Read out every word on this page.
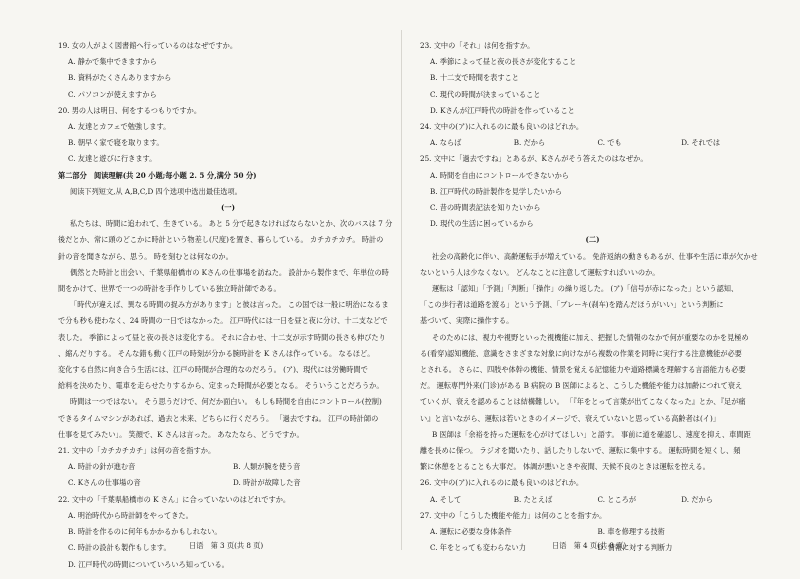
19. 女の人がよく図書館へ行っているのはなぜですか。
A. 静かで集中できますから
B. 資料がたくさんありますから
C. パソコンが使えますから
20. 男の人は明日、何をするつもりですか。
A. 友達とカフェで勉強します。
B. 朝早く家で寝を取ります。
C. 友達と遊びに行きます。
第二部分　阅读理解(共 20 小题;每小题 2. 5 分,满分 50 分)
阅读下列短文,从 A,B,C,D 四个选项中选出最佳选项。
(一)
私たちは、時間に追われて、生きている。 あと 5 分で起きなければならないとか、次のバスは 7 分
後だとか、常に頭のどこかに時計という物差し(尺度)を置き、暮らしている。 カチカチカチ。 時計の
針の音を聞きながら、思う。 時を刻むとは何なのか。
偶然とた時計と出会い、千葉県船橋市の Kさんの仕事場を訪ねた。 設計から製作まで、年単位の時
間をかけて、世界で一つの時計を手作りしている独立時計師である。
「時代が違えば、異なる時間の捉み方があります」と彼は言った。 この国では一般に明治になるま
で分も秒も使わなく、24 時間の一日ではなかった。 江戸時代には一日を昼と夜に分け、十二支などで
表した。 季節によって昼と夜の長さは変化する。 それに合わせ、十二支が示す時間の長さも伸びたり
、縮んだりする。 そんな錯も動く江戸の時刻が分かる腕時計を K さんは作っている。 なるほど。
変化する自然に向き合う生活には、江戸の時間が合理的なのだろう。 (ア)、現代には労働時間で
給料を決めたり、電車を走らせたりするから、定まった時間が必要となる。 そういうことだろうか。
時間は一つではない。 そう思うだけで、何だか面白い。 もしも時間を自由にコントロール(控制)
できるタイムマシンがあれば、過去と未来、どちらに行くだろう。 「過去ですね。 江戸の時計師の
仕事を見てみたい」。 笑顔で、K さんは言った。 あなたなら、どうですか。
21. 文中の「カチカチカチ」は何の音を指すか。
A. 時計の針が進む音	B. 人類が腕を使う音
C. Kさんの仕事場の音	D. 時計が故障した音
22. 文中の「千葉県船橋市の K さん」に合っていないのはどれですか。
A. 明治時代から時計師をやってきた。
B. 時計を作るのに何年もかかるかもしれない。
C. 時計の設計も製作もします。
D. 江戸時代の時間についていろいろ知っている。
23. 文中の「それ」は何を指すか。
A. 季節によって昼と夜の長さが変化すること
B. 十二支で時間を表すこと
C. 現代の時間が決まっていること
D. Kさんが江戸時代の時計を作っていること
24. 文中の(ア)に入れるのに最も良いのはどれか。
A. ならば	B. だから	C. でも	D. それでは
25. 文中に「過去ですね」とあるが、Kさんがそう答えたのはなぜか。
A. 時間を自由にコントロールできないから
B. 江戸時代の時計製作を見学したいから
C. 昔の時間表記法を知りたいから
D. 現代の生活に困っているから
(二)
社会の高齢化に伴い、高齢運転手が増えている。 免許返納の動きもあるが、仕事や生活に車が欠かせ
ないという人は少なくない。 どんなことに注意して運転すればいいのか。
運転は「認知」「予測」「判断」「操作」の繰り返した。 (ア)「信号が赤になった」という認知、
「この歩行者は道路を渡る」という予測、「ブレーキ(刹车)を踏んだほうがいい」という判断に
基づいて、実際に操作する。
そのためには、視力や視野といった視機能に加え、把握した情報のなかで何が重要なのかを見極め
る(看穿)認知機能、意識をさまざまな対象に向けながら複数の作業を同時に実行する注意機能が必要
とされる。 さらに、四肢や体幹の機能、情景を覚える記憶能力や道路標識を理解する言語能力も必要
だ。 運転専門外来(门诊)がある B 病院の B 医師によると、こうした機能や能力は加齢につれて衰え
ていくが、衰えを認めることは結構難しい。 「『年をとって言葉が出てこなくなった』とか、『足が痛
い』と言いながら、運転は若いときのイメージで、衰えていないと思っている高齢者は(イ)」
B 医師は「余裕を持った運転を心がけてほしい」と語す。 事前に道を確認し、速度を抑え、車間距
離を長めに保つ。 ラジオを聞いたり、話したりしないで、運転に集中する。 運転時間を短くし、頻
繁に休憩をとることも大事だ。 体調が悪いときや夜間、天候不良のときは運転を控える。
26. 文中の(ア)に入れるのに最も良いのはどれか。
A. そして	B. たとえば	C. ところが	D. だから
27. 文中の「こうした機能や能力」は何のことを指すか。
A. 運転に必要な身体条件	B. 車を修理する技術
C. 年をとっても変わらない力	D. 情報に対する判断力
日语　第 3 页(共 8 页)	日语　第 4 页(共 8 页)
